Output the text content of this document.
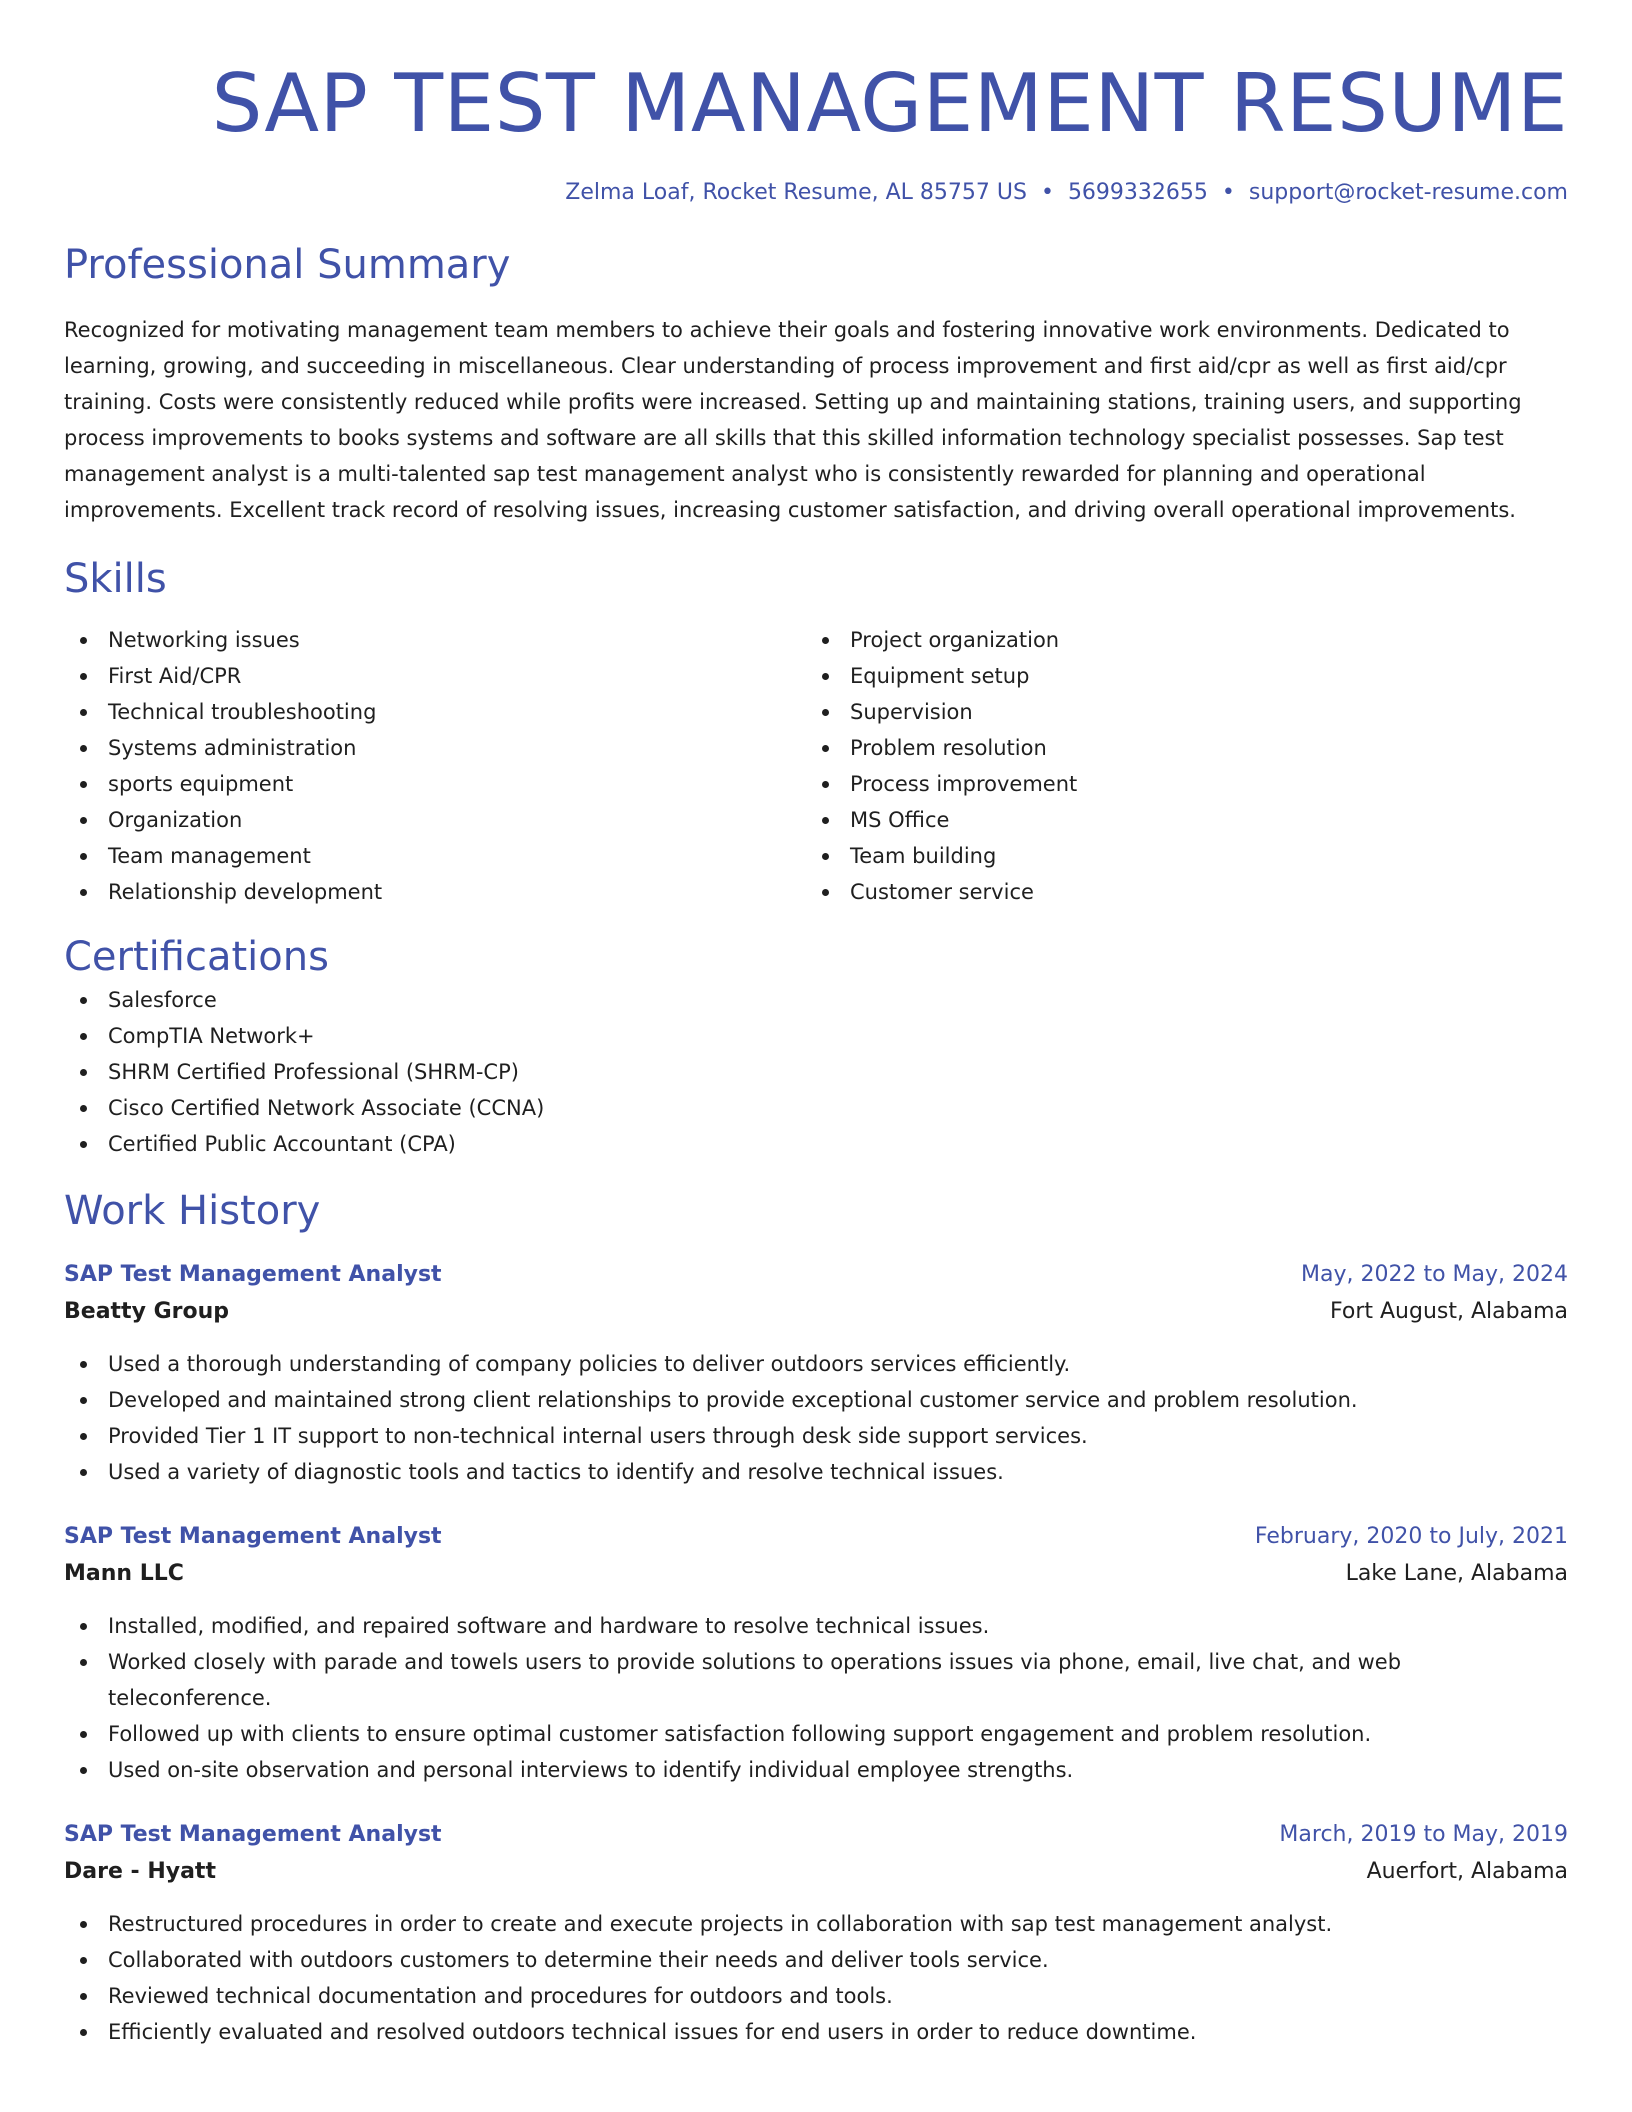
SAP TEST MANAGEMENT RESUME
Zelma Loaf, Rocket Resume, AL 85757 US • 5699332655 • support@rocket-resume.com
Professional Summary

Recognized for motivating management team members to achieve their goals and fostering innovative work environments. Dedicated to learning, growing, and succeeding in miscellaneous. Clear understanding of process improvement and first aid/cpr as well as first aid/cpr training. Costs were consistently reduced while profits were increased. Setting up and maintaining stations, training users, and supporting process improvements to books systems and software are all skills that this skilled information technology specialist possesses. Sap test management analyst is a multi-talented sap test management analyst who is consistently rewarded for planning and operational improvements. Excellent track record of resolving issues, increasing customer satisfaction, and driving overall operational improvements.

Skills
Networking issues
First Aid/CPR
Technical troubleshooting
Systems administration
sports equipment
Organization
Team management
Relationship development
Project organization
Equipment setup
Supervision
Problem resolution
Process improvement
MS Office
Team building
Customer service
Certifications
Salesforce
CompTIA Network+
SHRM Certified Professional (SHRM-CP)
Cisco Certified Network Associate (CCNA)
Certified Public Accountant (CPA)
Work History
SAP Test Management Analyst	May, 2022 to May, 2024
Beatty Group	Fort August, Alabama
Used a thorough understanding of company policies to deliver outdoors services efficiently.
Developed and maintained strong client relationships to provide exceptional customer service and problem resolution.
Provided Tier 1 IT support to non-technical internal users through desk side support services.
Used a variety of diagnostic tools and tactics to identify and resolve technical issues.
SAP Test Management Analyst	February, 2020 to July, 2021
Mann LLC	Lake Lane, Alabama
Installed, modified, and repaired software and hardware to resolve technical issues.
Worked closely with parade and towels users to provide solutions to operations issues via phone, email, live chat, and web teleconference.
Followed up with clients to ensure optimal customer satisfaction following support engagement and problem resolution.
Used on-site observation and personal interviews to identify individual employee strengths.
SAP Test Management Analyst	March, 2019 to May, 2019
Dare - Hyatt	Auerfort, Alabama
Restructured procedures in order to create and execute projects in collaboration with sap test management analyst.
Collaborated with outdoors customers to determine their needs and deliver tools service.
Reviewed technical documentation and procedures for outdoors and tools.
Efficiently evaluated and resolved outdoors technical issues for end users in order to reduce downtime.
